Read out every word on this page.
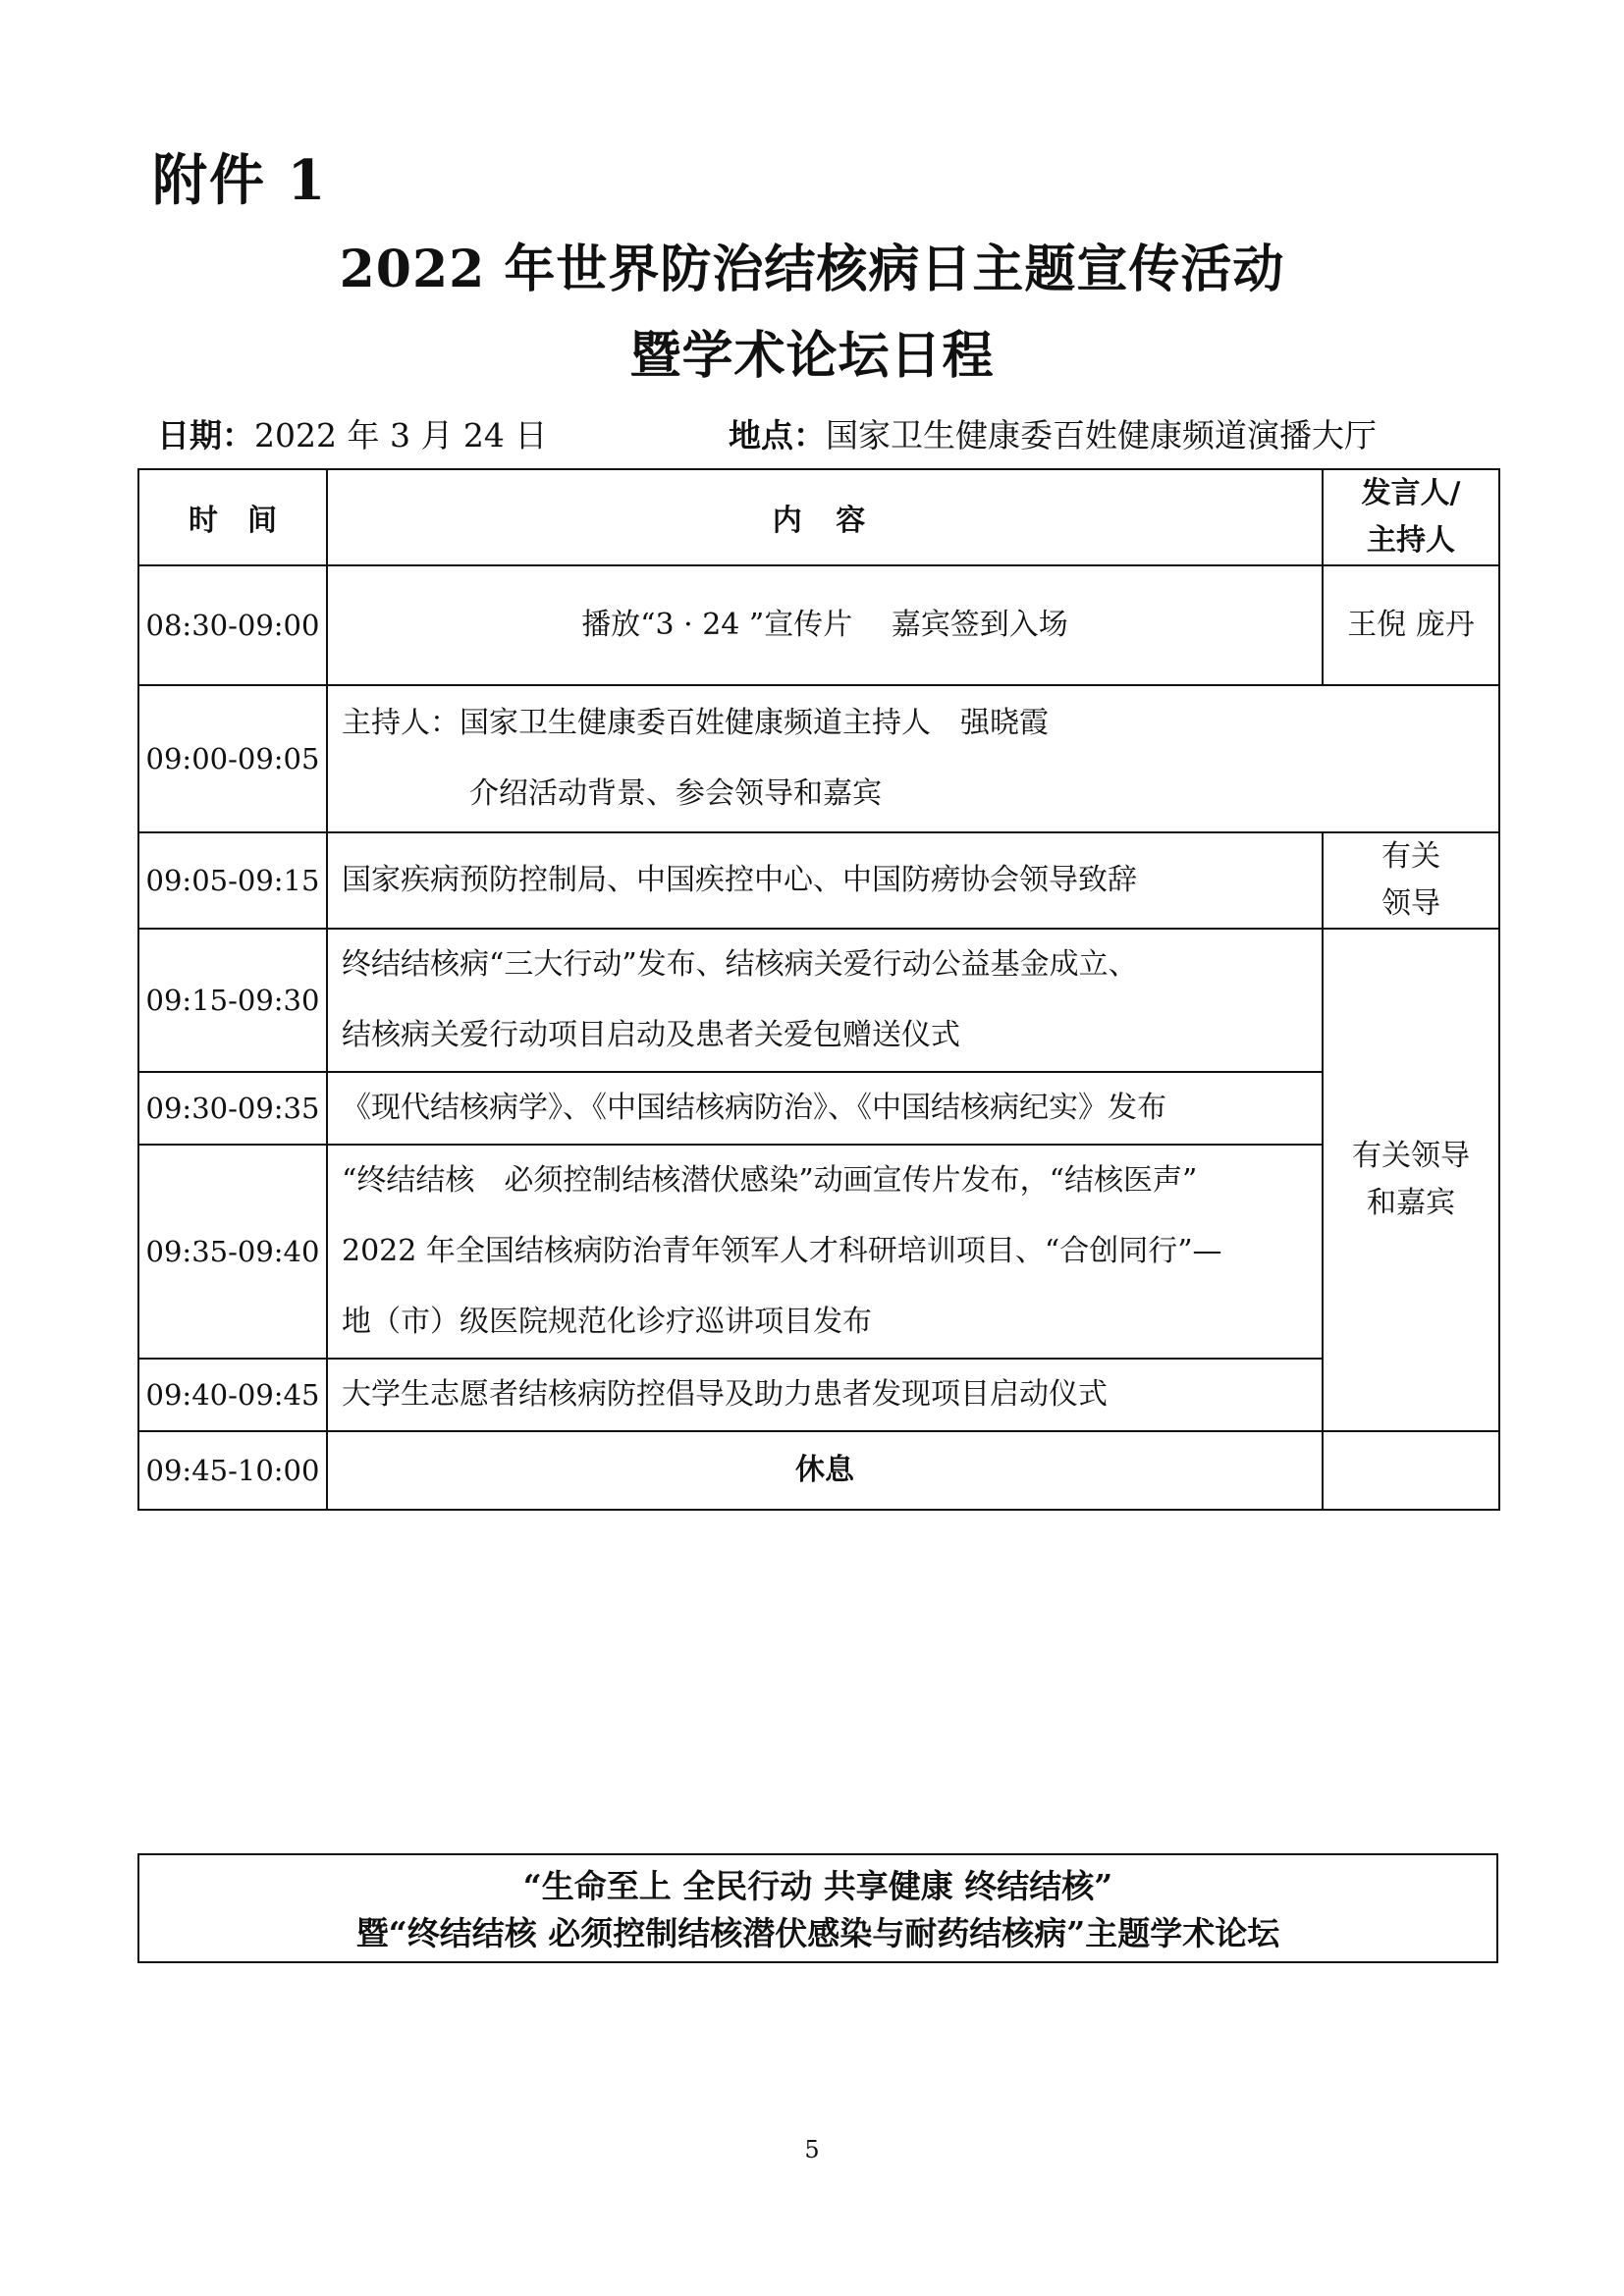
附件 1
2022 年世界防治结核病日主题宣传活动
暨学术论坛日程
日期：2022 年 3 月 24 日	地点：国家卫生健康委百姓健康频道演播大厅
时　间	内 容	发言人/
主持人

08:30-09:00	播放“3 · 24 ”宣传片　 嘉宾签到入场	王倪 庞丹
09:00-09:05	主持人：国家卫生健康委百姓健康频道主持人　强晓霞
介绍活动背景、参会领导和嘉宾	

09:05-09:15	国家疾病预防控制局、中国疾控中心、中国防痨协会领导致辞	有关
领导

09:15-09:30	终结结核病“三大行动”发布、结核病关爱行动公益基金成立、
结核病关爱行动项目启动及患者关爱包赠送仪式	有关领导
和嘉宾

09:30-09:35	《现代结核病学》、《中国结核病防治》、《中国结核病纪实》发布	

09:35-09:40	“终结结核　必须控制结核潜伏感染”动画宣传片发布，“结核医声”
2022 年全国结核病防治青年领军人才科研培训项目、“合创同行”—
地（市）级医院规范化诊疗巡讲项目发布	

09:40-09:45	大学生志愿者结核病防控倡导及助力患者发现项目启动仪式	

09:45-10:00	休息	

“生命至上 全民行动 共享健康 终结结核”
暨“终结结核 必须控制结核潜伏感染与耐药结核病”主题学术论坛
5
